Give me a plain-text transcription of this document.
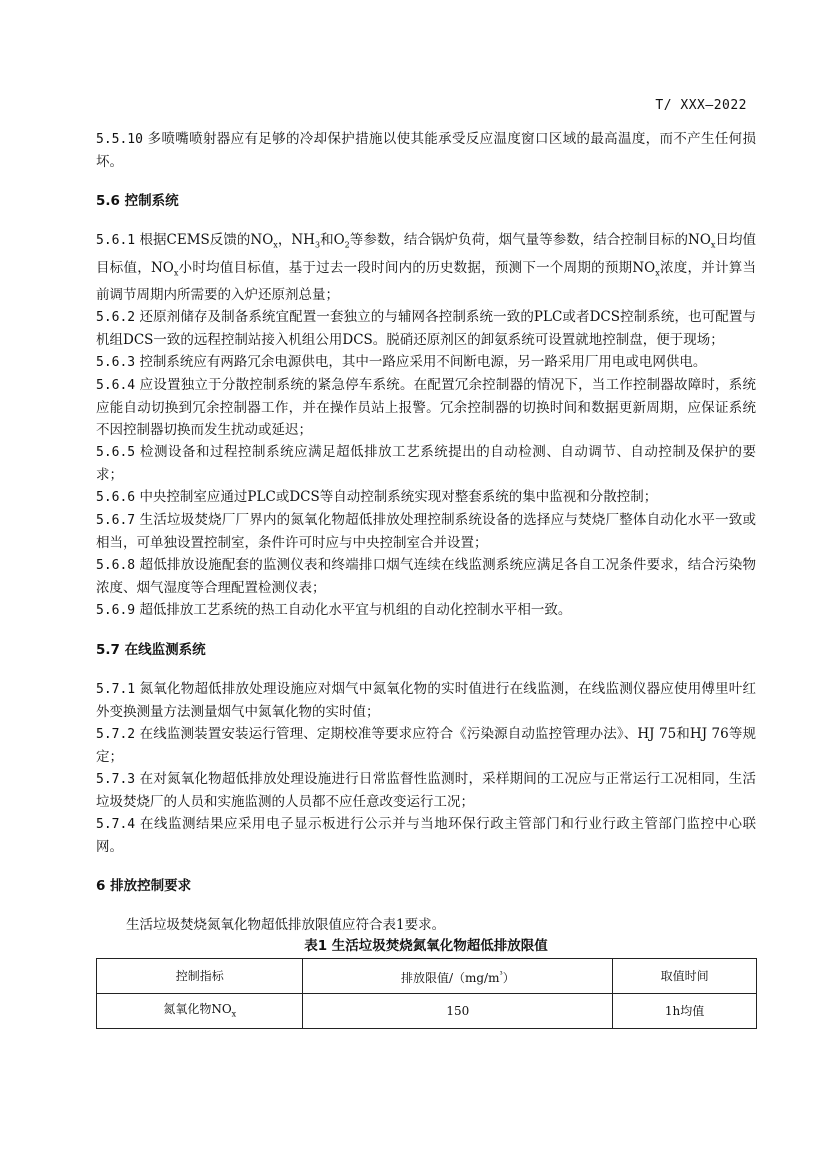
T/ XXX—2022

5.5.10 多喷嘴喷射器应有足够的冷却保护措施以使其能承受反应温度窗口区域的最高温度，而不产生任何损坏。

5.6 控制系统

5.6.1 根据CEMS反馈的$NO_x$，$NH_3$和$O_2$等参数，结合锅炉负荷，烟气量等参数，结合控制目标的$NO_x$日均值目标值，$NO_x$小时均值目标值，基于过去一段时间内的历史数据，预测下一个周期的预期$NO_x$浓度，并计算当前调节周期内所需要的入炉还原剂总量；

5.6.2 还原剂储存及制备系统宜配置一套独立的与辅网各控制系统一致的PLC或者DCS控制系统，也可配置与机组DCS一致的远程控制站接入机组公用DCS。脱硝还原剂区的卸氨系统可设置就地控制盘，便于现场；

5.6.3 控制系统应有两路冗余电源供电，其中一路应采用不间断电源，另一路采用厂用电或电网供电。

5.6.4 应设置独立于分散控制系统的紧急停车系统。在配置冗余控制器的情况下，当工作控制器故障时，系统应能自动切换到冗余控制器工作，并在操作员站上报警。冗余控制器的切换时间和数据更新周期，应保证系统不因控制器切换而发生扰动或延迟；

5.6.5 检测设备和过程控制系统应满足超低排放工艺系统提出的自动检测、自动调节、自动控制及保护的要求；

5.6.6 中央控制室应通过PLC或DCS等自动控制系统实现对整套系统的集中监视和分散控制；

5.6.7 生活垃圾焚烧厂厂界内的氮氧化物超低排放处理控制系统设备的选择应与焚烧厂整体自动化水平一致或相当，可单独设置控制室，条件许可时应与中央控制室合并设置；

5.6.8 超低排放设施配套的监测仪表和终端排口烟气连续在线监测系统应满足各自工况条件要求，结合污染物浓度、烟气湿度等合理配置检测仪表；

5.6.9 超低排放工艺系统的热工自动化水平宜与机组的自动化控制水平相一致。

5.7 在线监测系统

5.7.1 氮氧化物超低排放处理设施应对烟气中氮氧化物的实时值进行在线监测，在线监测仪器应使用傅里叶红外变换测量方法测量烟气中氮氧化物的实时值；

5.7.2 在线监测装置安装运行管理、定期校准等要求应符合《污染源自动监控管理办法》、HJ 75和HJ 76等规定；

5.7.3 在对氮氧化物超低排放处理设施进行日常监督性监测时，采样期间的工况应与正常运行工况相同，生活垃圾焚烧厂的人员和实施监测的人员都不应任意改变运行工况；

5.7.4 在线监测结果应采用电子显示板进行公示并与当地环保行政主管部门和行业行政主管部门监控中心联网。

6 排放控制要求

生活垃圾焚烧氮氧化物超低排放限值应符合表1要求。

表1 生活垃圾焚烧氮氧化物超低排放限值

控制指标	排放限值$/(mg/m^{^3})$	取值时间
氮氧化物$NO_x$	150	1h均值
